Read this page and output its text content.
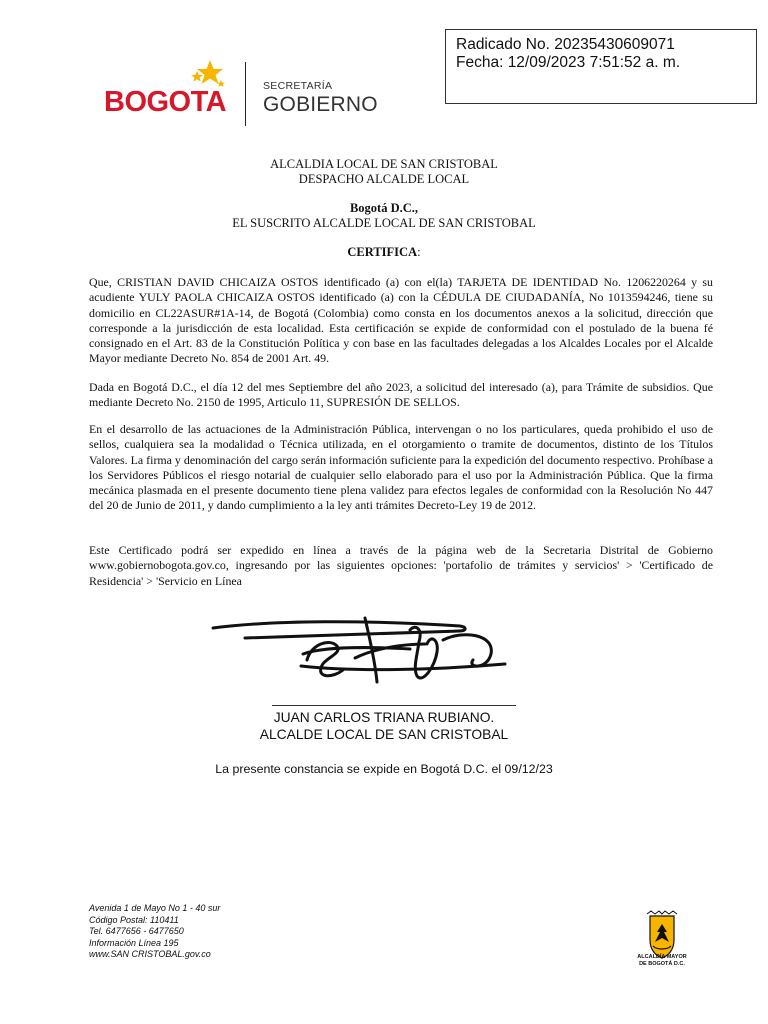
BOGOTA	SECRETARÍA
GOBIERNO
Radicado No. 20235430609071
Fecha: 12/09/2023 7:51:52 a. m.
ALCALDIA LOCAL DE SAN CRISTOBAL
DESPACHO ALCALDE LOCAL
Bogotá D.C.,
EL SUSCRITO ALCALDE LOCAL DE SAN CRISTOBAL
CERTIFICA:
Que, CRISTIAN DAVID CHICAIZA OSTOS identificado (a) con el(la) TARJETA DE IDENTIDAD No. 1206220264 y su acudiente YULY PAOLA CHICAIZA OSTOS identificado (a) con la CÉDULA DE CIUDADANÍA, No 1013594246, tiene su domicilio en CL22ASUR#1A-14, de Bogotá (Colombia) como consta en los documentos anexos a la solicitud, dirección que corresponde a la jurisdicción de esta localidad. Esta certificación se expide de conformidad con el postulado de la buena fé consignado en el Art. 83 de la Constitución Política y con base en las facultades delegadas a los Alcaldes Locales por el Alcalde Mayor mediante Decreto No. 854 de 2001 Art. 49.
Dada en Bogotá D.C., el día 12 del mes Septiembre del año 2023, a solicitud del interesado (a), para Trámite de subsidios. Que mediante Decreto No. 2150 de 1995, Articulo 11, SUPRESIÓN DE SELLOS.
En el desarrollo de las actuaciones de la Administración Pública, intervengan o no los particulares, queda prohibido el uso de sellos, cualquiera sea la modalidad o Técnica utilizada, en el otorgamiento o tramite de documentos, distinto de los Títulos Valores. La firma y denominación del cargo serán información suficiente para la expedición del documento respectivo. Prohíbase a los Servidores Públicos el riesgo notarial de cualquier sello elaborado para el uso por la Administración Pública. Que la firma mecánica plasmada en el presente documento tiene plena validez para efectos legales de conformidad con la Resolución No 447 del 20 de Junio de 2011, y dando cumplimiento a la ley anti trámites Decreto-Ley 19 de 2012.
Este Certificado podrá ser expedido en línea a través de la página web de la Secretaria Distrital de Gobierno www.gobiernobogota.gov.co, ingresando por las siguientes opciones: 'portafolio de trámites y servicios' > 'Certificado de Residencia' > 'Servicio en Línea
JUAN CARLOS TRIANA RUBIANO.
ALCALDE LOCAL DE SAN CRISTOBAL
La presente constancia se expide en Bogotá D.C. el 09/12/23
Avenida 1 de Mayo No 1 - 40 sur
Código Postal: 110411
Tel. 6477656 - 6477650
Información Línea 195
www.SAN CRISTOBAL.gov.co	ALCALDÍA MAYOR
DE BOGOTÁ D.C.
